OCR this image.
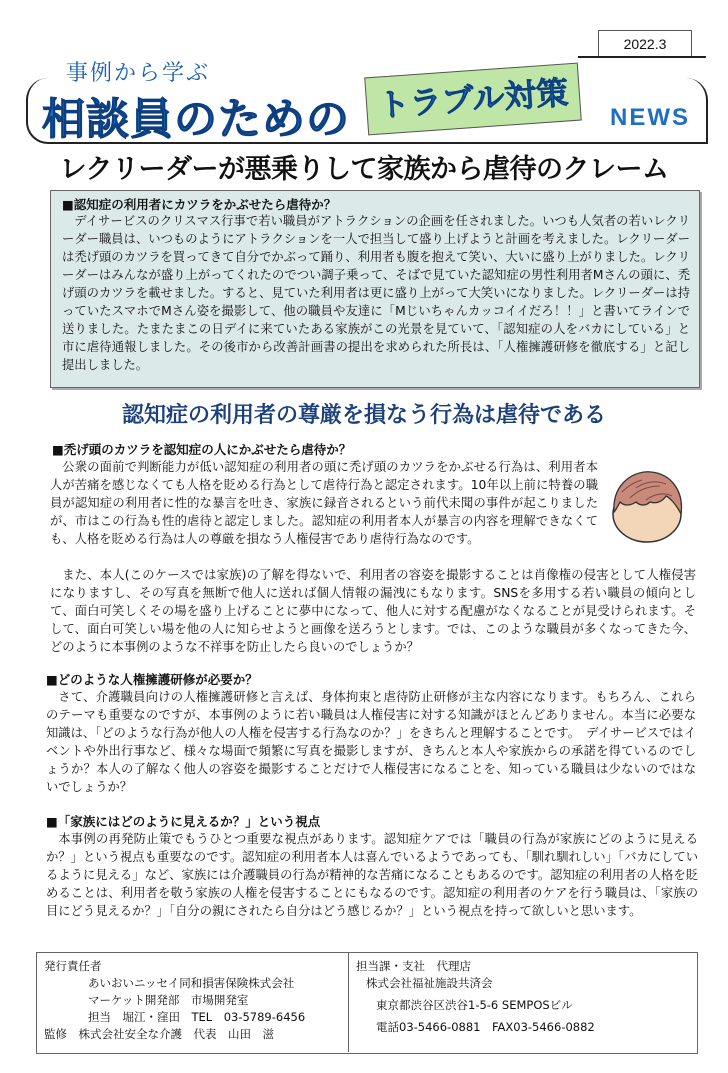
2022.3
事例から学ぶ
相談員のための トラブル対策	NEWS
レクリーダーが悪乗りして家族から虐待のクレーム
■認知症の利用者にカツラをかぶせたら虐待か？
デイサービスのクリスマス行事で若い職員がアトラクションの企画を任されました。いつも人気者の若いレクリーダー職員は、いつものようにアトラクションを一人で担当して盛り上げようと計画を考えました。レクリーダーは禿げ頭のカツラを買ってきて自分でかぶって踊り、利用者も腹を抱えて笑い、大いに盛り上がりました。レクリーダーはみんなが盛り上がってくれたのでつい調子乗って、そばで見ていた認知症の男性利用者Mさんの頭に、禿げ頭のカツラを載せました。すると、見ていた利用者は更に盛り上がって大笑いになりました。レクリーダーは持っていたスマホでMさん姿を撮影して、他の職員や友達に「Mじいちゃんカッコイイだろ！！」と書いてラインで送りました。たまたまこの日デイに来ていたある家族がこの光景を見ていて、「認知症の人をバカにしている」と市に虐待通報しました。その後市から改善計画書の提出を求められた所長は、「人権擁護研修を徹底する」と記し提出しました。
認知症の利用者の尊厳を損なう行為は虐待である
■禿げ頭のカツラを認知症の人にかぶせたら虐待か？
公衆の面前で判断能力が低い認知症の利用者の頭に禿げ頭のカツラをかぶせる行為は、利用者本人が苦痛を感じなくても人格を貶める行為として虐待行為と認定されます。10年以上前に特養の職員が認知症の利用者に性的な暴言を吐き、家族に録音されるという前代未聞の事件が起こりましたが、市はこの行為も性的虐待と認定しました。認知症の利用者本人が暴言の内容を理解できなくても、人格を貶める行為は人の尊厳を損なう人権侵害であり虐待行為なのです。
また、本人(このケースでは家族)の了解を得ないで、利用者の容姿を撮影することは肖像権の侵害として人権侵害になりますし、その写真を無断で他人に送れば個人情報の漏洩にもなります。SNSを多用する若い職員の傾向として、面白可笑しくその場を盛り上げることに夢中になって、他人に対する配慮がなくなることが見受けられます。そして、面白可笑しい場を他の人に知らせようと画像を送ろうとします。では、このような職員が多くなってきた今、どのように本事例のような不祥事を防止したら良いのでしょうか？
■どのような人権擁護研修が必要か？
さて、介護職員向けの人権擁護研修と言えば、身体拘束と虐待防止研修が主な内容になります。もちろん、これらのテーマも重要なのですが、本事例のように若い職員は人権侵害に対する知識がほとんどありません。本当に必要な知識は、「どのような行為が他人の人権を侵害する行為なのか？」をきちんと理解することです。　デイサービスではイベントや外出行事など、様々な場面で頻繁に写真を撮影しますが、きちんと本人や家族からの承諾を得ているのでしょうか？本人の了解なく他人の容姿を撮影することだけで人権侵害になることを、知っている職員は少ないのではないでしょうか？
■「家族にはどのように見えるか？」という視点
本事例の再発防止策でもうひとつ重要な視点があります。認知症ケアでは「職員の行為が家族にどのように見えるか？」という視点も重要なのです。認知症の利用者本人は喜んでいるようであっても、「馴れ馴れしい」「バカにしているように見える」など、家族には介護職員の行為が精神的な苦痛になることもあるのです。認知症の利用者の人格を貶めることは、利用者を敬う家族の人権を侵害することにもなるのです。認知症の利用者のケアを行う職員は、「家族の目にどう見えるか？」「自分の親にされたら自分はどう感じるか？」という視点を持って欲しいと思います。
発行責任者
あいおいニッセイ同和損害保険株式会社
マーケット開発部　市場開発室
担当　堀江・窪田　TEL　03-5789-6456
監修　株式会社安全な介護　代表　山田　滋
担当課・支社　代理店
株式会社福祉施設共済会
東京都渋谷区渋谷1-5-6 SEMPOSビル
電話03-5466-0881　FAX03-5466-0882
